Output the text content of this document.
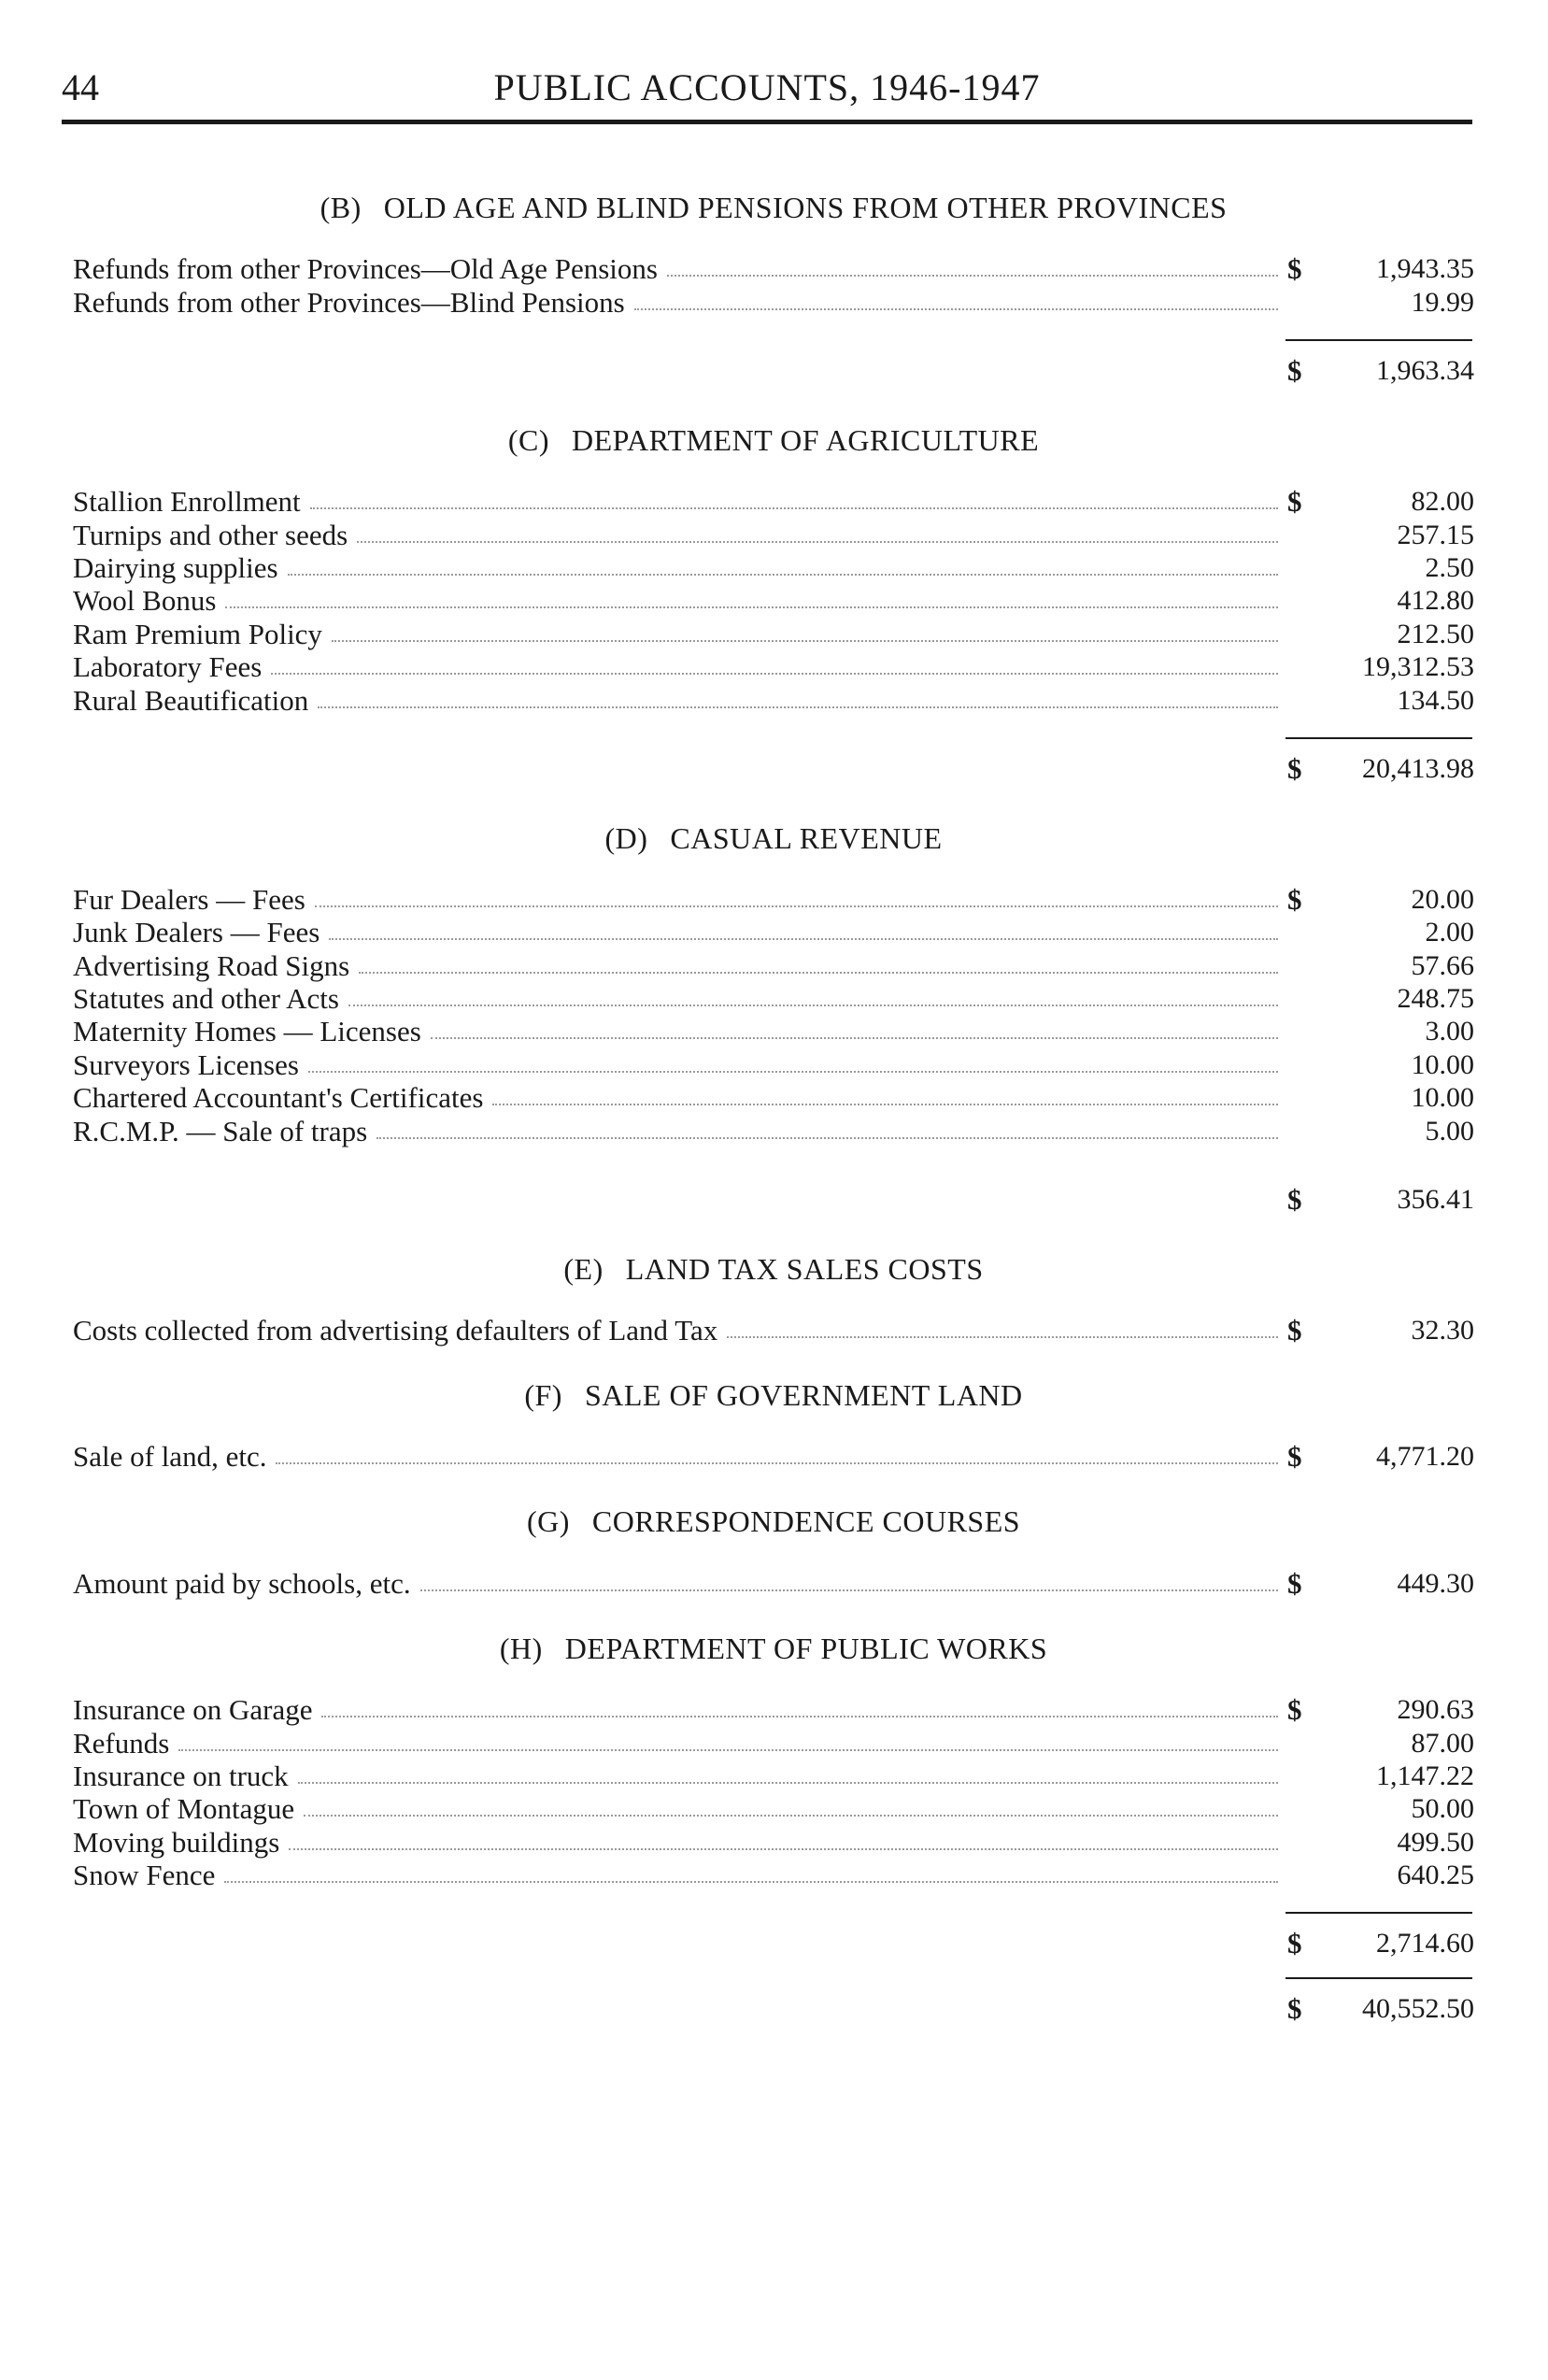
44	PUBLIC ACCOUNTS, 1946-1947
(B) OLD AGE AND BLIND PENSIONS FROM OTHER PROVINCES
Refunds from other Provinces—Old Age Pensions	$	1,943.35
Refunds from other Provinces—Blind Pensions	19.99
$	1,963.34
(C) DEPARTMENT OF AGRICULTURE
Stallion Enrollment	$	82.00
Turnips and other seeds	257.15
Dairying supplies	2.50
Wool Bonus	412.80
Ram Premium Policy	212.50
Laboratory Fees	19,312.53
Rural Beautification	134.50
$	20,413.98
(D) CASUAL REVENUE
Fur Dealers — Fees	$	20.00
Junk Dealers — Fees	2.00
Advertising Road Signs	57.66
Statutes and other Acts	248.75
Maternity Homes — Licenses	3.00
Surveyors Licenses	10.00
Chartered Accountant's Certificates	10.00
R.C.M.P. — Sale of traps	5.00
$	356.41
(E) LAND TAX SALES COSTS
Costs collected from advertising defaulters of Land Tax	$	32.30
(F) SALE OF GOVERNMENT LAND
Sale of land, etc.	$	4,771.20
(G) CORRESPONDENCE COURSES
Amount paid by schools, etc.	$	449.30
(H) DEPARTMENT OF PUBLIC WORKS
Insurance on Garage	$	290.63
Refunds	87.00
Insurance on truck	1,147.22
Town of Montague	50.00
Moving buildings	499.50
Snow Fence	640.25
$	2,714.60
$	40,552.50
